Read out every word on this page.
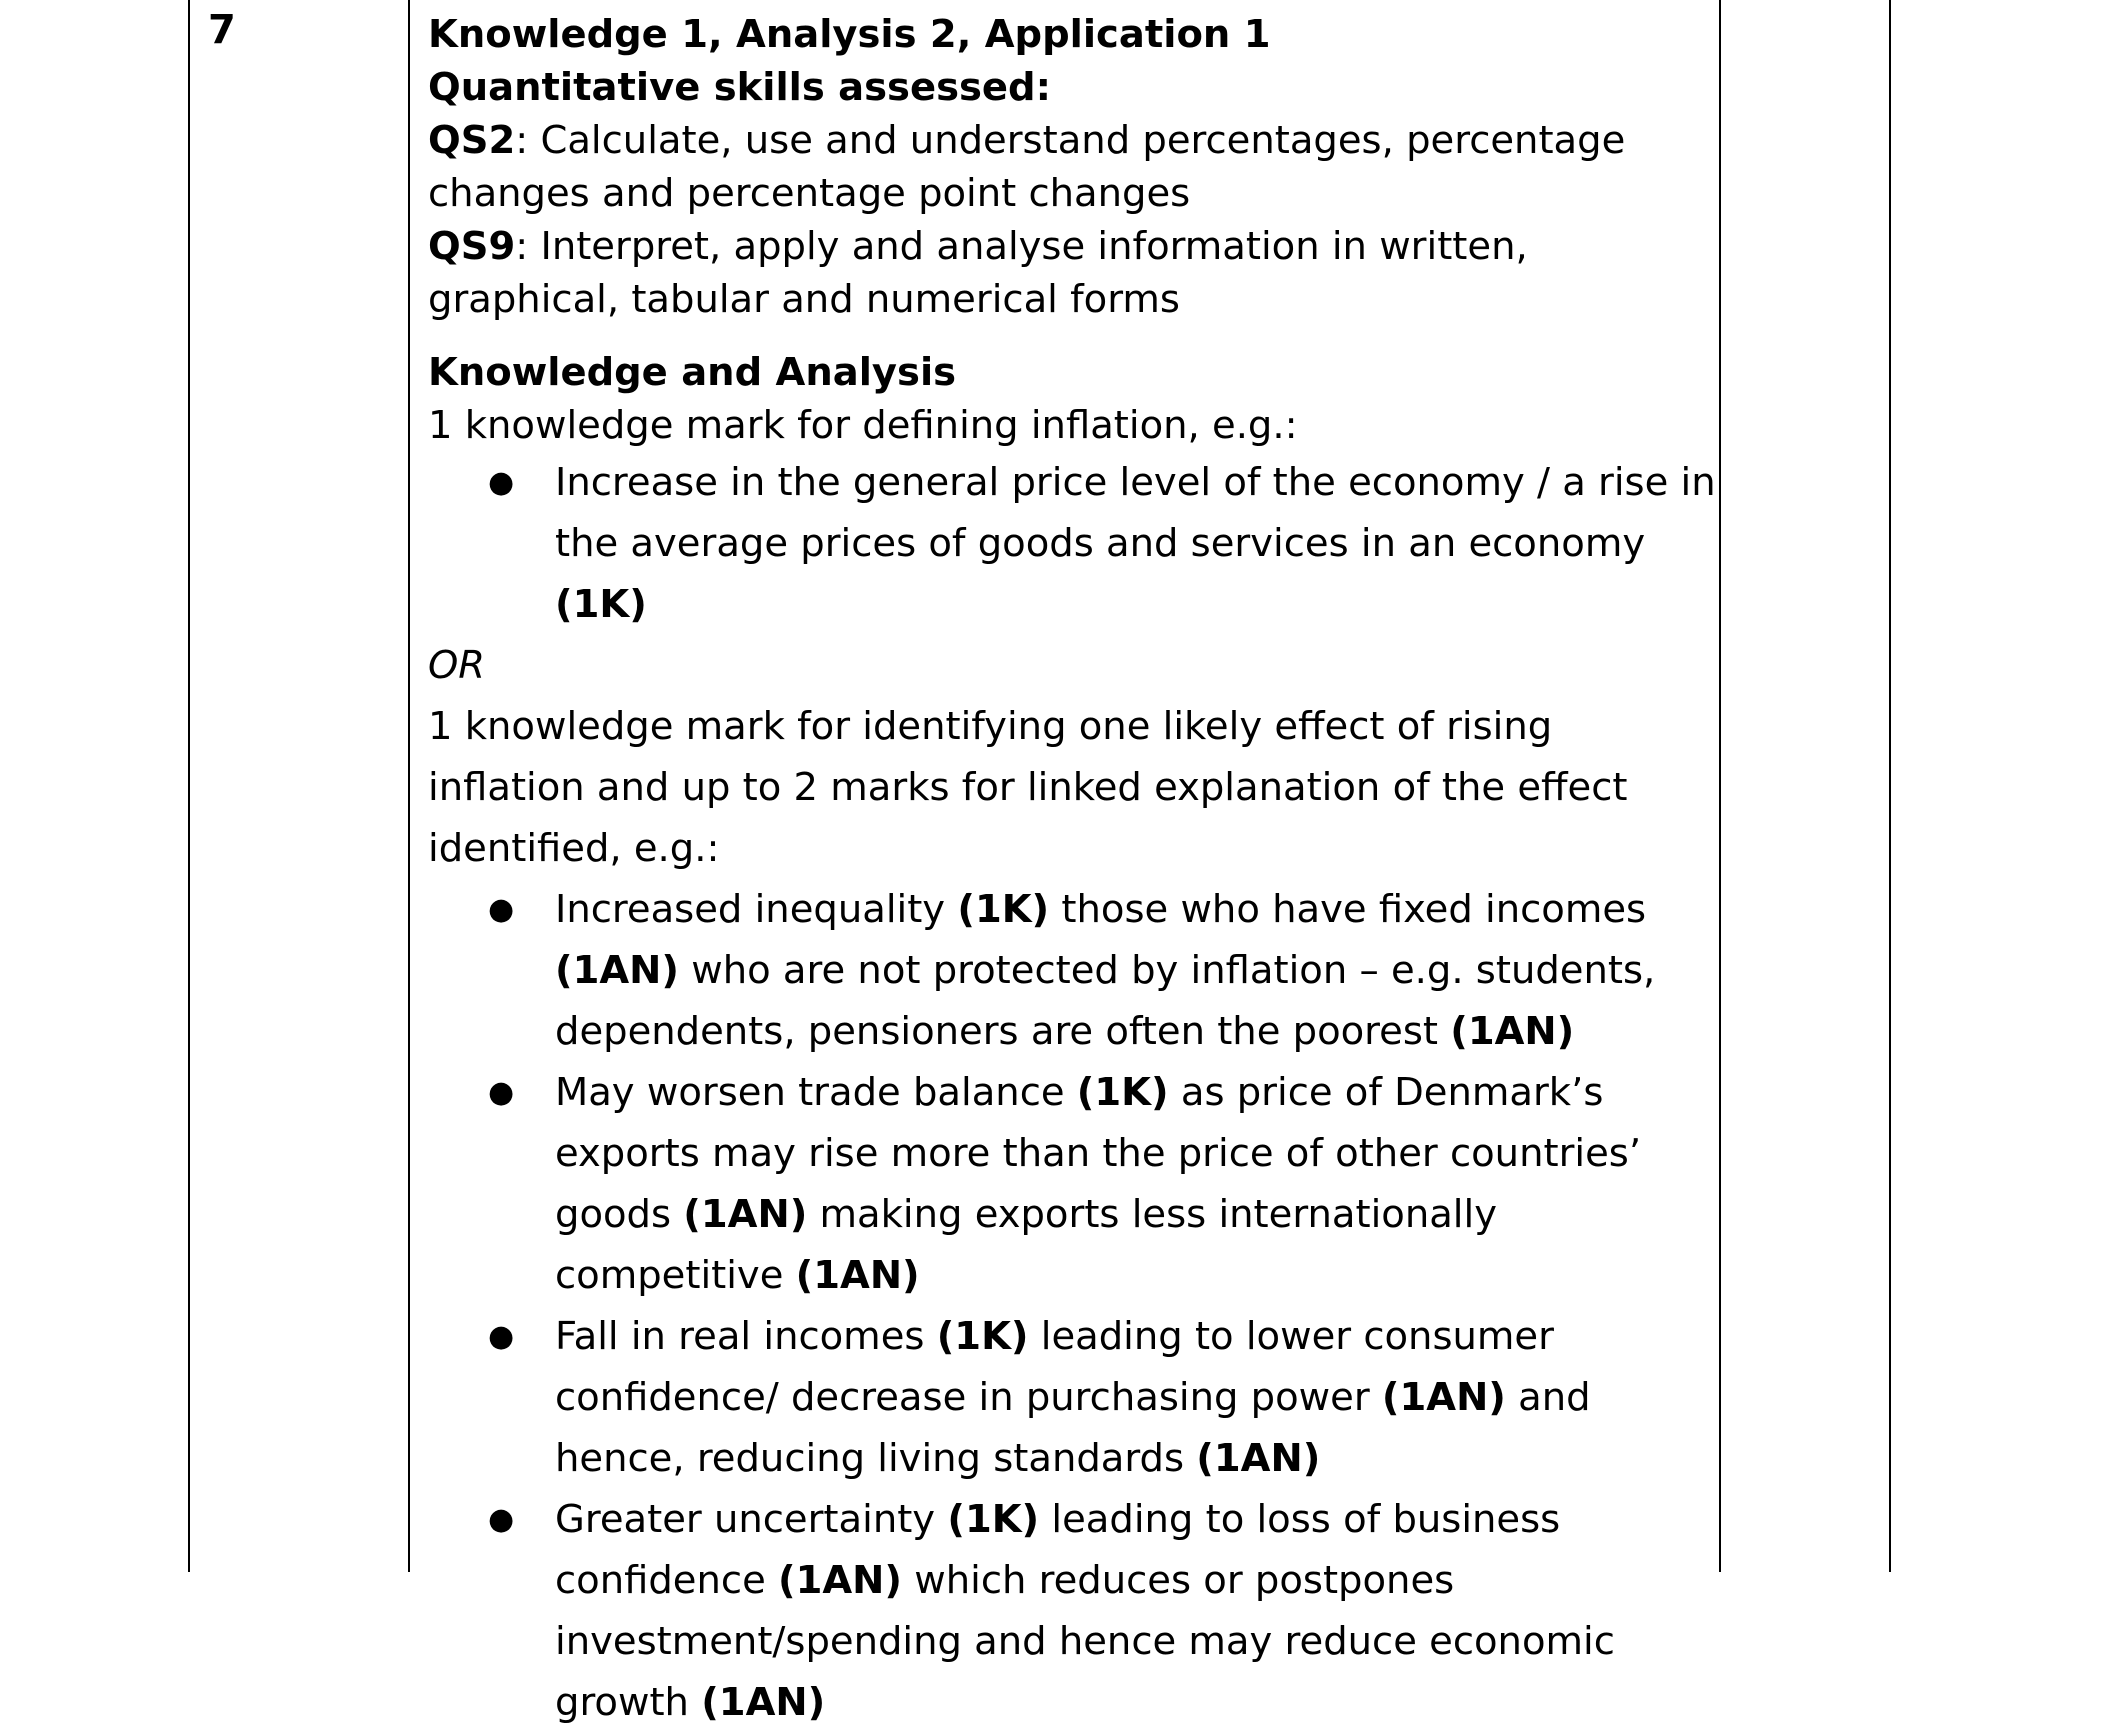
7	Knowledge 1, Analysis 2, Application 1

Quantitative skills assessed:

QS2: Calculate, use and understand percentages, percentage changes and percentage point changes

QS9: Interpret, apply and analyse information in written, graphical, tabular and numerical forms

Knowledge and Analysis

1 knowledge mark for defining inflation, e.g.:

● Increase in the general price level of the economy / a rise in the average prices of goods and services in an economy (1K)

OR

1 knowledge mark for identifying one likely effect of rising inflation and up to 2 marks for linked explanation of the effect identified, e.g.:

● Increased inequality (1K) those who have fixed incomes (1AN) who are not protected by inflation – e.g. students, dependents, pensioners are often the poorest (1AN)
● May worsen trade balance (1K) as price of Denmark’s exports may rise more than the price of other countries’ goods (1AN) making exports less internationally competitive (1AN)
● Fall in real incomes (1K) leading to lower consumer confidence/ decrease in purchasing power (1AN) and hence, reducing living standards (1AN)
● Greater uncertainty (1K) leading to loss of business confidence (1AN) which reduces or postpones investment/spending and hence may reduce economic growth (1AN)
